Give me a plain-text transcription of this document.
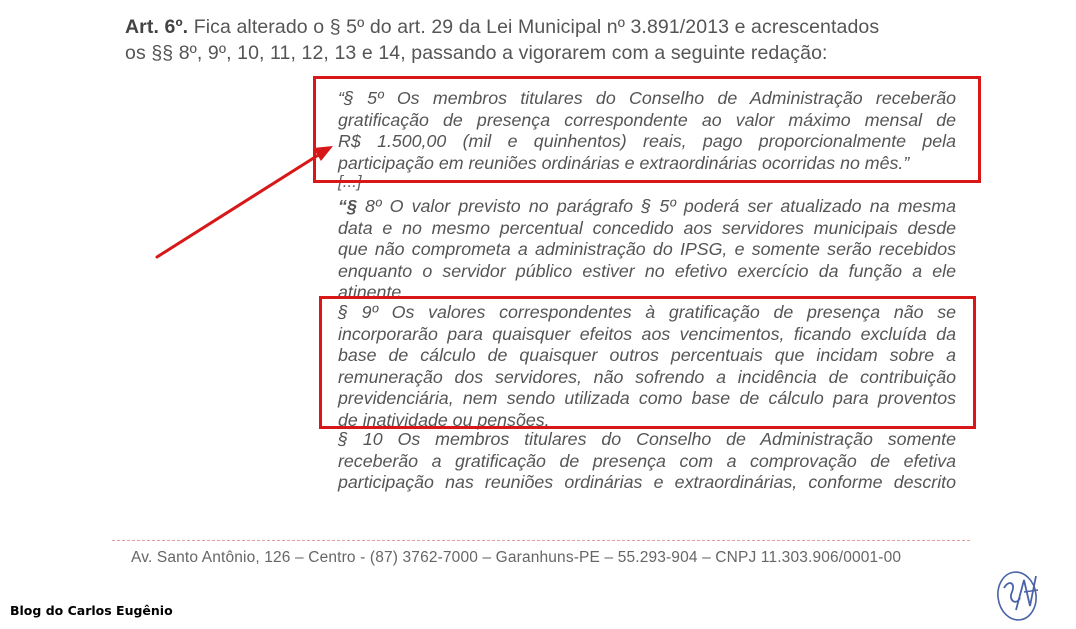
Art. 6º. Fica alterado o § 5º do art. 29 da Lei Municipal nº 3.891/2013 e acrescentados
os §§ 8º, 9º, 10, 11, 12, 13 e 14, passando a vigorarem com a seguinte redação:
“§ 5º Os membros titulares do Conselho de Administração receberão
gratificação de presença correspondente ao valor máximo mensal de
R$ 1.500,00 (mil e quinhentos) reais, pago proporcionalmente pela
participação em reuniões ordinárias e extraordinárias ocorridas no mês.”
[...]
“§ 8º O valor previsto no parágrafo § 5º poderá ser atualizado na mesma
data e no mesmo percentual concedido aos servidores municipais desde
que não comprometa a administração do IPSG, e somente serão recebidos
enquanto o servidor público estiver no efetivo exercício da função a ele
atinente.
§ 9º Os valores correspondentes à gratificação de presença não se
incorporarão para quaisquer efeitos aos vencimentos, ficando excluída da
base de cálculo de quaisquer outros percentuais que incidam sobre a
remuneração dos servidores, não sofrendo a incidência de contribuição
previdenciária, nem sendo utilizada como base de cálculo para proventos
de inatividade ou pensões.
§ 10 Os membros titulares do Conselho de Administração somente
receberão a gratificação de presença com a comprovação de efetiva
participação nas reuniões ordinárias e extraordinárias, conforme descrito
Av. Santo Antônio, 126 – Centro - (87) 3762-7000 – Garanhuns-PE – 55.293-904 – CNPJ 11.303.906/0001-00
Blog do Carlos Eugênio
